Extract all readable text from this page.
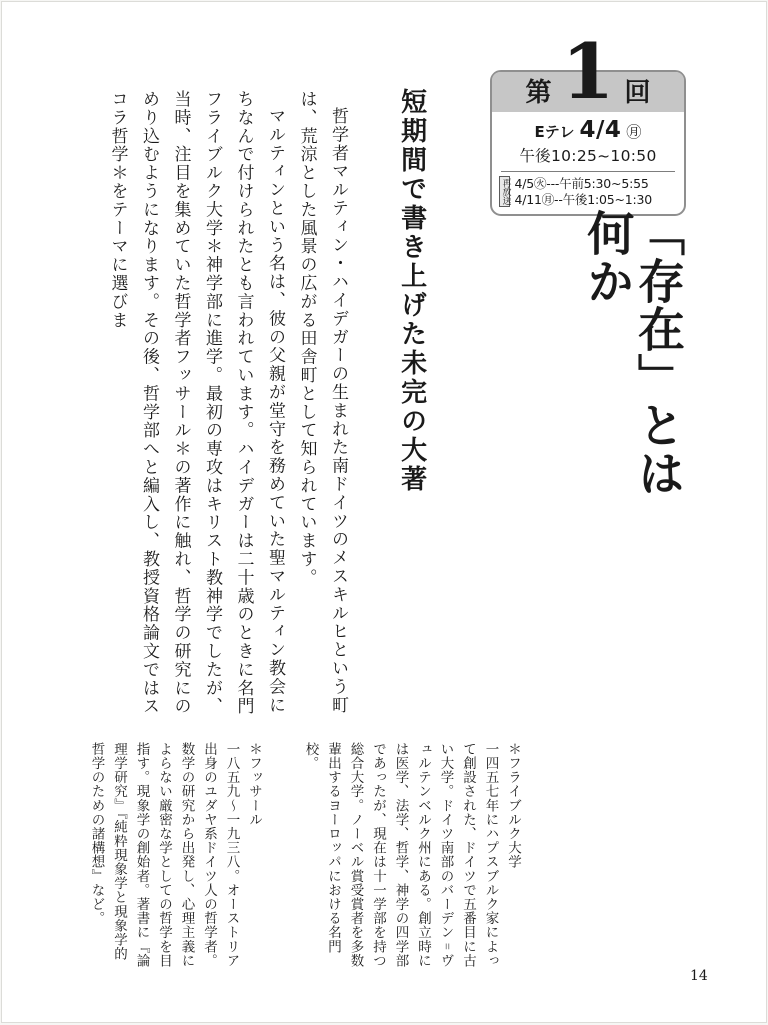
第 1 回
Eテレ 4/4 ㊊
午後10:25~10:50
再放送 4/5㊋---午前5:30~5:55
4/11㊊--午後1:05~1:30
「存在」とは何か
短期間で書き上げた未完の大著

哲学者マルティン・ハイデガーの生まれた南ドイツのメスキルヒという町は、荒涼とした風景の広がる田舎町として知られています。

マルティンという名は、彼の父親が堂守を務めていた聖マルティン教会にちなんで付けられたとも言われています。ハイデガーは二十歳のときに名門フライブルク大学＊神学部に進学。最初の専攻はキリスト教神学でしたが、当時、注目を集めていた哲学者フッサール＊の著作に触れ、哲学の研究にのめり込むようになります。その後、哲学部へと編入し、教授資格論文ではスコラ哲学＊をテーマに選びま

＊フライブルク大学

一四五七年にハプスブルク家によって創設された、ドイツで五番目に古い大学。ドイツ南部のバーデン゠ヴュルテンベルク州にある。創立時には医学、法学、哲学、神学の四学部であったが、現在は十一学部を持つ総合大学。ノーベル賞受賞者を多数輩出するヨーロッパにおける名門校。

＊フッサール

一八五九～一九三八。オーストリア出身のユダヤ系ドイツ人の哲学者。数学の研究から出発し、心理主義によらない厳密な学としての哲学を目指す。現象学の創始者。著書に『論理学研究』『純粋現象学と現象学的哲学のための諸構想』など。

14
